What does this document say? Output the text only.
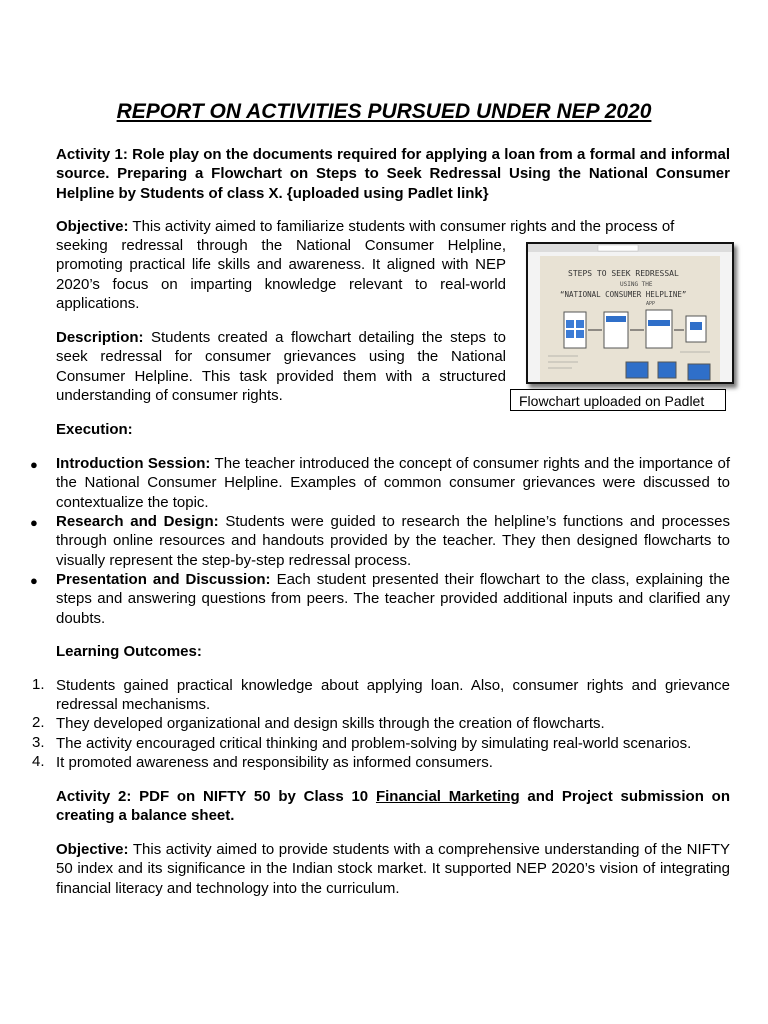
REPORT ON ACTIVITIES PURSUED UNDER NEP 2020

Activity 1: Role play on the documents required for applying a loan from a formal and informal source. Preparing a Flowchart on Steps to Seek Redressal Using the National Consumer Helpline by Students of class X. {uploaded using Padlet link}

Objective: This activity aimed to familiarize students with consumer rights and the process of

seeking redressal through the National Consumer Helpline, promoting practical life skills and awareness. It aligned with NEP 2020’s focus on imparting knowledge relevant to real-world applications.

Description: Students created a flowchart detailing the steps to seek redressal for consumer grievances using the National Consumer Helpline. This task provided them with a structured understanding of consumer rights.

STEPS TO SEEK REDRESSAL
USING THE
“NATIONAL CONSUMER HELPLINE”
APP
Flowchart uploaded on Padlet

Execution:

● Introduction Session: The teacher introduced the concept of consumer rights and the importance of the National Consumer Helpline. Examples of common consumer grievances were discussed to contextualize the topic.

● Research and Design: Students were guided to research the helpline’s functions and processes through online resources and handouts provided by the teacher. They then designed flowcharts to visually represent the step-by-step redressal process.

● Presentation and Discussion: Each student presented their flowchart to the class, explaining the steps and answering questions from peers. The teacher provided additional inputs and clarified any doubts.

Learning Outcomes:

1. Students gained practical knowledge about applying loan. Also, consumer rights and grievance redressal mechanisms.

2. They developed organizational and design skills through the creation of flowcharts.

3. The activity encouraged critical thinking and problem-solving by simulating real-world scenarios.

4. It promoted awareness and responsibility as informed consumers.

Activity 2: PDF on NIFTY 50 by Class 10 Financial Marketing and Project submission on creating a balance sheet.

Objective: This activity aimed to provide students with a comprehensive understanding of the NIFTY 50 index and its significance in the Indian stock market. It supported NEP 2020’s vision of integrating financial literacy and technology into the curriculum.
